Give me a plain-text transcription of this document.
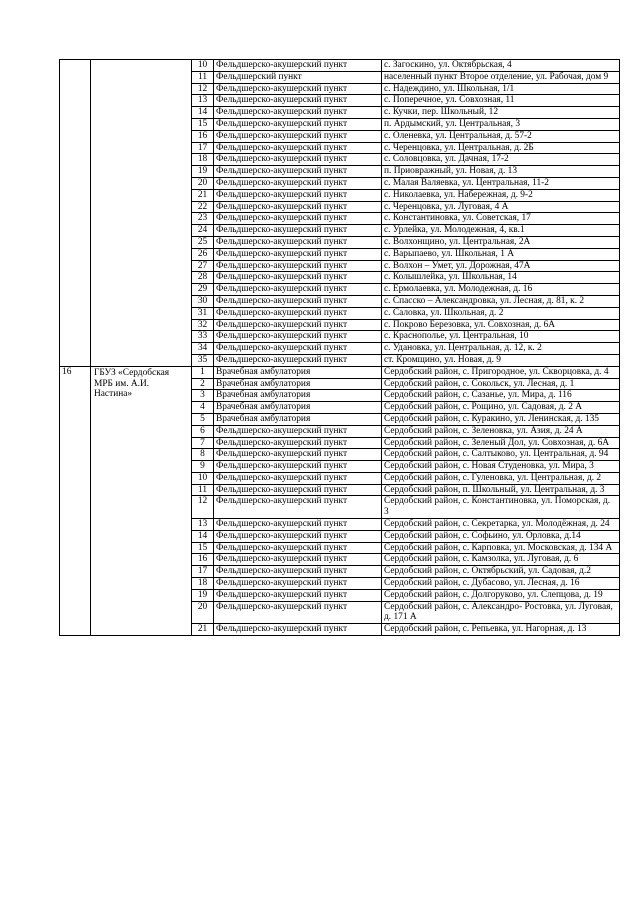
		10	Фельдшерско-акушерский пункт	с. Загоскино, ул. Октябрьская, 4
		11	Фельдшерский пункт	населенный пункт Второе отделение, ул. Рабочая, дом 9
		12	Фельдшерско-акушерский пункт	с. Надеждино, ул. Школьная, 1/1
		13	Фельдшерско-акушерский пункт	с. Поперечное, ул. Совхозная, 11
		14	Фельдшерско-акушерский пункт	с. Кучки, пер. Школьный, 12
		15	Фельдшерско-акушерский пункт	п. Ардымский, ул. Центральная, 3
		16	Фельдшерско-акушерский пункт	с. Оленевка, ул. Центральная, д. 57-2
		17	Фельдшерско-акушерский пункт	с. Черенцовка, ул. Центральная, д. 2Б
		18	Фельдшерско-акушерский пункт	с. Соловцовка, ул. Дачная, 17-2
		19	Фельдшерско-акушерский пункт	п. Приовражный, ул. Новая, д. 13
		20	Фельдшерско-акушерский пункт	с. Малая Валяевка, ул. Центральная, 11-2
		21	Фельдшерско-акушерский пункт	с. Николаевка, ул. Набережная, д. 9-2
		22	Фельдшерско-акушерский пункт	с. Черенцовка, ул. Луговая, 4 А
		23	Фельдшерско-акушерский пункт	с. Константиновка, ул. Советская, 17
		24	Фельдшерско-акушерский пункт	с. Урлейка, ул. Молодежная, 4, кв.1
		25	Фельдшерско-акушерский пункт	с. Волхонщино, ул. Центральная, 2А
		26	Фельдшерско-акушерский пункт	с. Варыпаево, ул. Школьная, 1 А
		27	Фельдшерско-акушерский пункт	с. Волхон – Умет, ул. Дорожная, 47А
		28	Фельдшерско-акушерский пункт	с. Колышлейка, ул. Школьная, 14
		29	Фельдшерско-акушерский пункт	с. Ермолаевка, ул. Молодежная, д. 16
		30	Фельдшерско-акушерский пункт	с. Спасско – Александровка, ул. Лесная, д. 81, к. 2
		31	Фельдшерско-акушерский пункт	с. Саловка, ул. Школьная, д. 2
		32	Фельдшерско-акушерский пункт	с. Покрово Березовка, ул. Совхозная, д. 6А
		33	Фельдшерско-акушерский пункт	с. Краснополье, ул. Центральная, 10
		34	Фельдшерско-акушерский пункт	с. Удановка, ул. Центральная, д. 12, к. 2
		35	Фельдшерско-акушерский пункт	ст. Кромщино, ул. Новая, д. 9
16	ГБУЗ «Сердобская МРБ им. А.И. Настина»	1	Врачебная амбулатория	Сердобский район, с. Пригородное, ул. Скворцовка, д. 4
		2	Врачебная амбулатория	Сердобский район, с. Сокольск, ул. Лесная, д. 1
		3	Врачебная амбулатория	Сердобский район, с. Сазанье, ул. Мира, д. 116
		4	Врачебная амбулатория	Сердобский район, с. Рощино, ул. Садовая, д. 2 А
		5	Врачебная амбулатория	Сердобский район, с. Куракино, ул. Ленинская, д. 135
		6	Фельдшерско-акушерский пункт	Сердобский район, с. Зеленовка, ул. Азия, д. 24 А
		7	Фельдшерско-акушерский пункт	Сердобский район, с. Зеленый Дол, ул. Совхозная, д. 6А
		8	Фельдшерско-акушерский пункт	Сердобский район, с. Салтыково, ул. Центральная, д. 94
		9	Фельдшерско-акушерский пункт	Сердобский район, с. Новая Студеновка, ул. Мира, 3
		10	Фельдшерско-акушерский пункт	Сердобский район, с. Гуленовка, ул. Центральная, д. 2
		11	Фельдшерско-акушерский пункт	Сердобский район, п. Школьный, ул. Центральная, д. 3
		12	Фельдшерско-акушерский пункт	Сердобский район, с. Константиновка, ул. Поморская, д. 3
		13	Фельдшерско-акушерский пункт	Сердобский район, с. Секретарка, ул. Молодёжная, д. 24
		14	Фельдшерско-акушерский пункт	Сердобский район, с. Софьино, ул. Орловка, д.14
		15	Фельдшерско-акушерский пункт	Сердобский район, с. Карповка, ул. Московская, д. 134 А
		16	Фельдшерско-акушерский пункт	Сердобский район, с. Камзолка, ул. Луговая, д. 6
		17	Фельдшерско-акушерский пункт	Сердобский район, с. Октябрьский, ул. Садовая, д.2
		18	Фельдшерско-акушерский пункт	Сердобский район, с. Дубасово, ул. Лесная, д. 16
		19	Фельдшерско-акушерский пункт	Сердобский район, с. Долгоруково, ул. Слепцова, д. 19
		20	Фельдшерско-акушерский пункт	Сердобский район, с. Александро- Ростовка, ул. Луговая, д. 171 А
		21	Фельдшерско-акушерский пункт	Сердобский район, с. Репьевка, ул. Нагорная, д. 13
